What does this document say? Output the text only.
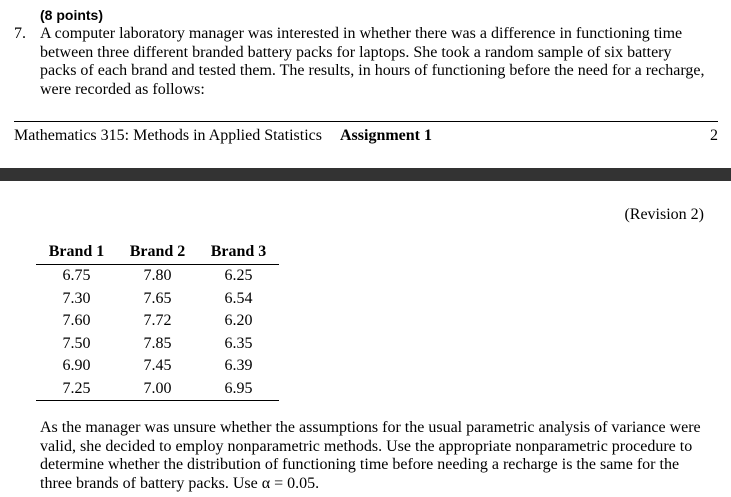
(8 points)
7. A computer laboratory manager was interested in whether there was a difference in functioning time between three different branded battery packs for laptops. She took a random sample of six battery packs of each brand and tested them. The results, in hours of functioning before the need for a recharge, were recorded as follows:
Mathematics 315: Methods in Applied Statistics Assignment 1	2
(Revision 2)
Brand 1	Brand 2	Brand 3
6.75	7.80	6.25
7.30	7.65	6.54
7.60	7.72	6.20
7.50	7.85	6.35
6.90	7.45	6.39
7.25	7.00	6.95
As the manager was unsure whether the assumptions for the usual parametric analysis of variance were valid, she decided to employ nonparametric methods. Use the appropriate nonparametric procedure to determine whether the distribution of functioning time before needing a recharge is the same for the three brands of battery packs. Use α = 0.05.
